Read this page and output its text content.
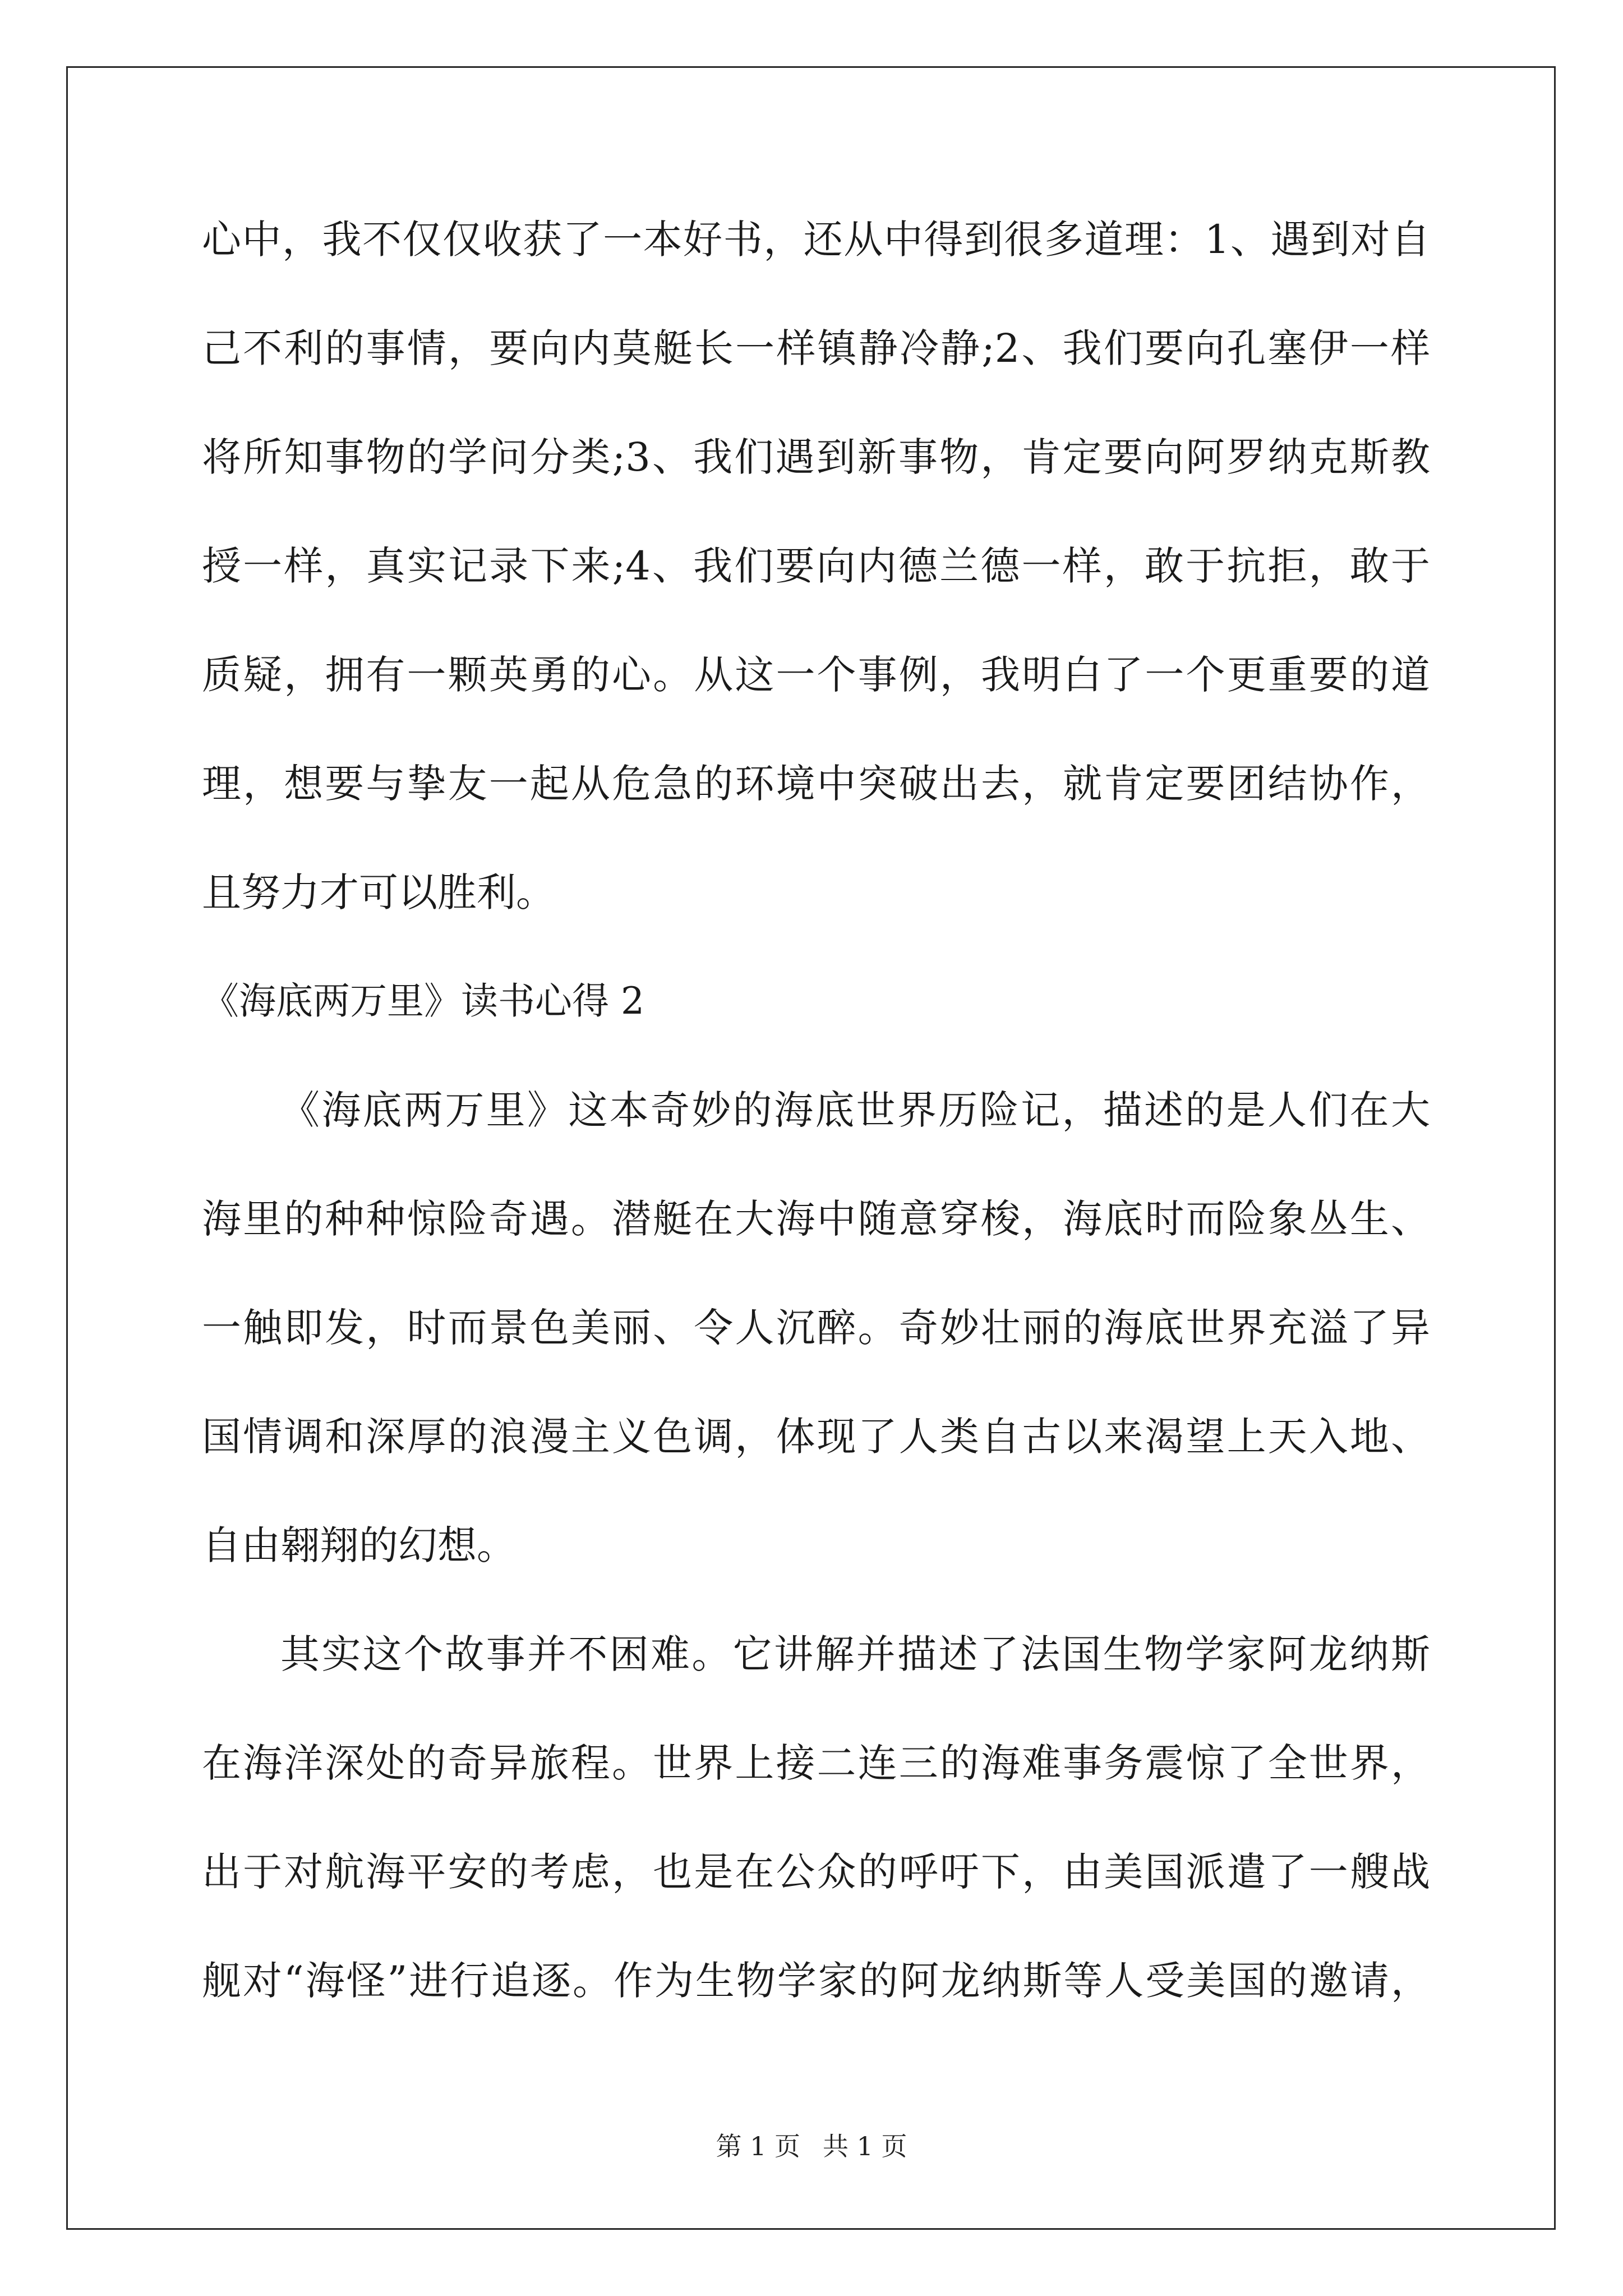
心中，我不仅仅收获了一本好书，还从中得到很多道理：1、遇到对自
己不利的事情，要向内莫艇长一样镇静冷静;2、我们要向孔塞伊一样
将所知事物的学问分类;3、我们遇到新事物，肯定要向阿罗纳克斯教
授一样，真实记录下来;4、我们要向内德兰德一样，敢于抗拒，敢于
质疑，拥有一颗英勇的心。从这一个事例，我明白了一个更重要的道
理，想要与挚友一起从危急的环境中突破出去，就肯定要团结协作，
且努力才可以胜利。
《海底两万里》读书心得 2
《海底两万里》这本奇妙的海底世界历险记，描述的是人们在大
海里的种种惊险奇遇。潜艇在大海中随意穿梭，海底时而险象丛生、
一触即发，时而景色美丽、令人沉醉。奇妙壮丽的海底世界充溢了异
国情调和深厚的浪漫主义色调，体现了人类自古以来渴望上天入地、
自由翱翔的幻想。
其实这个故事并不困难。它讲解并描述了法国生物学家阿龙纳斯
在海洋深处的奇异旅程。世界上接二连三的海难事务震惊了全世界，
出于对航海平安的考虑，也是在公众的呼吁下，由美国派遣了一艘战
舰对“海怪”进行追逐。作为生物学家的阿龙纳斯等人受美国的邀请，
第 1 页 共 1 页
